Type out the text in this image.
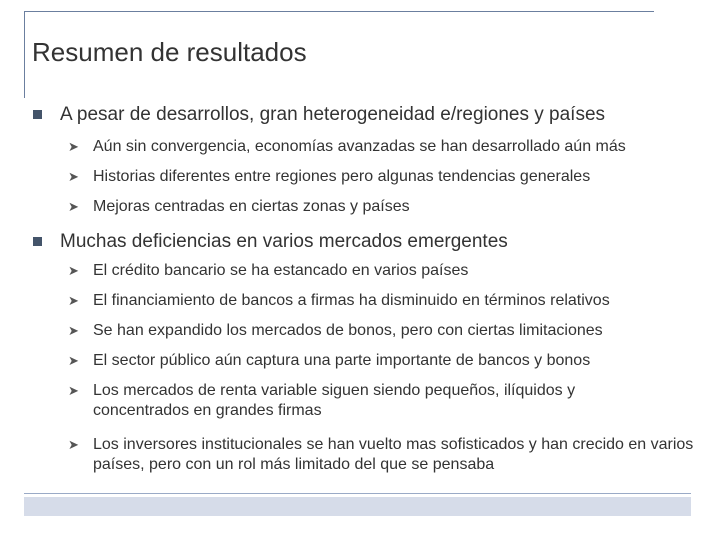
Resumen de resultados
A pesar de desarrollos, gran heterogeneidad e/regiones y países
➤ Aún sin convergencia, economías avanzadas se han desarrollado aún más
➤ Historias diferentes entre regiones pero algunas tendencias generales
➤ Mejoras centradas en ciertas zonas y países
Muchas deficiencias en varios mercados emergentes
➤ El crédito bancario se ha estancado en varios países
➤ El financiamiento de bancos a firmas ha disminuido en términos relativos
➤ Se han expandido los mercados de bonos, pero con ciertas limitaciones
➤ El sector público aún captura una parte importante de bancos y bonos
➤ Los mercados de renta variable siguen siendo pequeños, ilíquidos y concentrados en grandes firmas
➤ Los inversores institucionales se han vuelto mas sofisticados y han crecido en varios países, pero con un rol más limitado del que se pensaba
